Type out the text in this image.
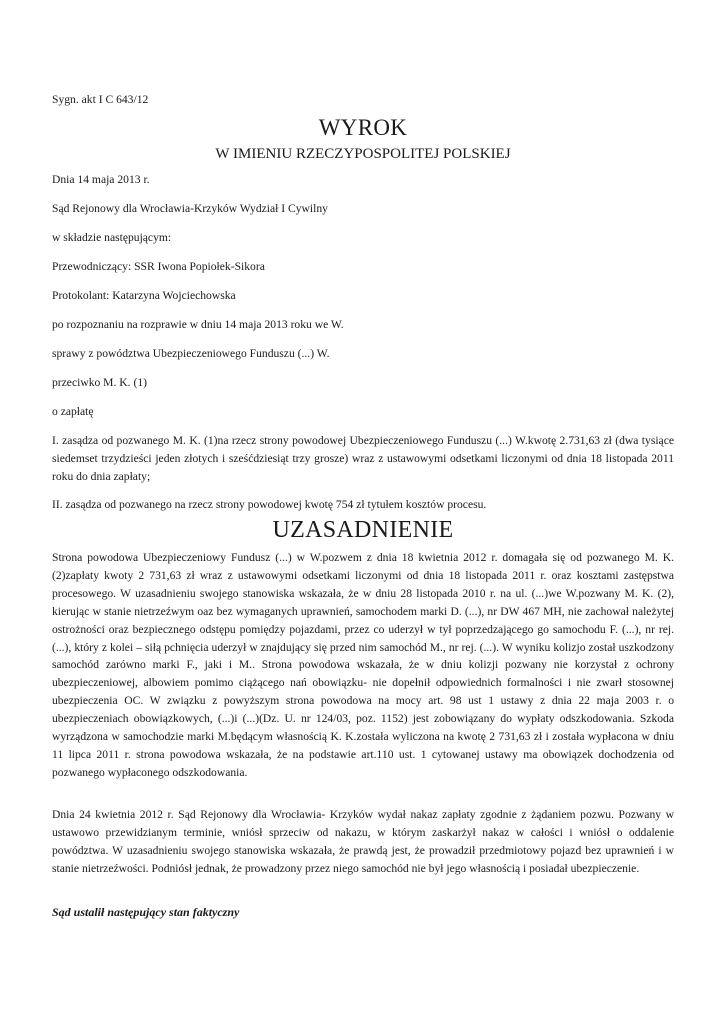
Sygn. akt I C 643/12
WYROK
W IMIENIU RZECZYPOSPOLITEJ POLSKIEJ
Dnia 14 maja 2013 r.
Sąd Rejonowy dla Wrocławia-Krzyków Wydział I Cywilny
w składzie następującym:
Przewodniczący: SSR Iwona Popiołek-Sikora
Protokolant: Katarzyna Wojciechowska
po rozpoznaniu na rozprawie w dniu 14 maja 2013 roku we W.
sprawy z powództwa Ubezpieczeniowego Funduszu (...) W.
przeciwko M. K. (1)
o zapłatę
I. zasądza od pozwanego M. K. (1)na rzecz strony powodowej Ubezpieczeniowego Funduszu (...) W.kwotę 2.731,63 zł (dwa tysiące siedemset trzydzieści jeden złotych i sześćdziesiąt trzy grosze) wraz z ustawowymi odsetkami liczonymi od dnia 18 listopada 2011 roku do dnia zapłaty;
II. zasądza od pozwanego na rzecz strony powodowej kwotę 754 zł tytułem kosztów procesu.
UZASADNIENIE
Strona powodowa Ubezpieczeniowy Fundusz (...) w W.pozwem z dnia 18 kwietnia 2012 r. domagała się od pozwanego M. K. (2)zapłaty kwoty 2 731,63 zł wraz z ustawowymi odsetkami liczonymi od dnia 18 listopada 2011 r. oraz kosztami zastępstwa procesowego. W uzasadnieniu swojego stanowiska wskazała, że w dniu 28 listopada 2010 r. na ul. (...)we W.pozwany M. K. (2), kierując w stanie nietrzeźwym oaz bez wymaganych uprawnień, samochodem marki D. (...), nr DW 467 MH, nie zachował należytej ostrożności oraz bezpiecznego odstępu pomiędzy pojazdami, przez co uderzył w tył poprzedzającego go samochodu F. (...), nr rej. (...), który z kolei – siłą pchnięcia uderzył w znajdujący się przed nim samochód M., nr rej. (...). W wyniku kolizjo został uszkodzony samochód zarówno marki F., jaki i M.. Strona powodowa wskazała, że w dniu kolizji pozwany nie korzystał z ochrony ubezpieczeniowej, albowiem pomimo ciążącego nań obowiązku- nie dopełnił odpowiednich formalności i nie zwarł stosownej ubezpieczenia OC. W związku z powyższym strona powodowa na mocy art. 98 ust 1 ustawy z dnia 22 maja 2003 r. o ubezpieczeniach obowiązkowych, (...)i (...)(Dz. U. nr 124/03, poz. 1152) jest zobowiązany do wypłaty odszkodowania. Szkoda wyrządzona w samochodzie marki M.będącym własnością K. K.została wyliczona na kwotę 2 731,63 zł i została wypłacona w dniu 11 lipca 2011 r. strona powodowa wskazała, że na podstawie art.110 ust. 1 cytowanej ustawy ma obowiązek dochodzenia od pozwanego wypłaconego odszkodowania.
Dnia 24 kwietnia 2012 r. Sąd Rejonowy dla Wrocławia- Krzyków wydał nakaz zapłaty zgodnie z żądaniem pozwu. Pozwany w ustawowo przewidzianym terminie, wniósł sprzeciw od nakazu, w którym zaskarżył nakaz w całości i wniósł o oddalenie powództwa. W uzasadnieniu swojego stanowiska wskazała, że prawdą jest, że prowadził przedmiotowy pojazd bez uprawnień i w stanie nietrzeźwości. Podniósł jednak, że prowadzony przez niego samochód nie był jego własnością i posiadał ubezpieczenie.
Sąd ustalił następujący stan faktyczny
